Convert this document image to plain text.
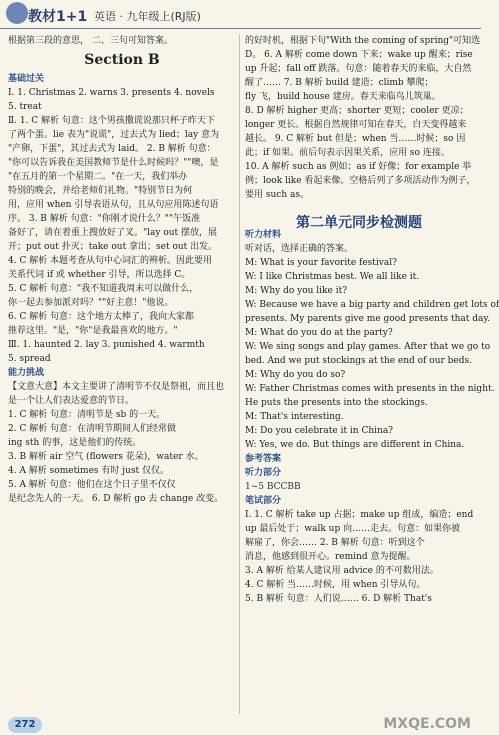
教材1+1 英语 · 九年级上(RJ版)
根据第三段的意思， 二、三句可知答案。
Section B
基础过关
Ⅰ. 1. Christmas 2. warns 3. presents 4. novels
5. treat
Ⅱ. 1. C 解析 句意：这个男孩撒谎说那只杯子昨天下
了两个蛋。lie 表为"说谎"，过去式为 lied；lay 意为
"产卵，下蛋"，其过去式为 laid。 2. B 解析 句意：
"你可以告诉我在美国教师节是什么时候吗？""噢，是
"在五月的第一个星期二。"在一天，我们举办
特别的晚会，并给老师们礼物。"特别节日为何
用，应用 when 引导表语从句，且从句应用陈述句语
序。 3. B 解析 句意："你刚才说什么？""午饭准
备好了，请在着重上搜放好了叉。"lay out 摆放，展
开；put out 扑灭；take out 拿出；set out 出发。
4. C 解析 本题考查从句中心词汇的辨析。因此要用
关系代词 if 或 whether 引导，所以选择 C。
5. C 解析 句意："我不知道我周末可以做什么，
你一起去参加派对吗？""好主意！"他说。
6. C 解析 句意：这个地方太棒了，我向大家都
推荐这里。"是，"你"是我最喜欢的地方。"
Ⅲ. 1. haunted 2. lay 3. punished 4. warmth
5. spread
能力挑战
【文意大意】本文主要讲了清明节不仅是祭祖，而且也
是一个让人们表达爱意的节日。
1. C 解析 句意：清明节是 sb 的一天。
2. C 解析 句意：在清明节期间人们经常做
ing sth 的事，这是他们的传统。
3. B 解析 air 空气 (flowers 花朵)，water 水。
4. A 解析 sometimes 有时 just 仅仅。
5. A 解析 句意：他们在这个日子里不仅仅
是纪念先人的一天。 6. D 解析 go 去 change 改变。
的好时机，根据下句"With the coming of spring"可知选
D。 6. A 解析 come down 下来；wake up 醒来；rise
up 升起；fall off 跌落。句意：随着春天的来临，大自然
醒了…… 7. B 解析 build 建造；climb 攀爬；
fly 飞，build house 建房。春天来临鸟儿筑巢。
8. D 解析 higher 更高；shorter 更短；cooler 更凉；
longer 更长。根据自然规律可知在春天，白天变得越来
越长。 9. C 解析 but 但是；when 当……时候；so 因
此；if 如果。前后句表示因果关系，应用 so 连接。
10. A 解析 such as 例如；as if 好像；for example 举
例；look like 看起来像。空格后列了多项活动作为例子，
要用 such as。
听力材料
听对话，选择正确的答案。
M: What is your favorite festival?
W: I like Christmas best. We all like it.
M: Why do you like it?
W: Because we have a big party and children get lots of
presents. My parents give me good presents that day.
M: What do you do at the party?
W: We sing songs and play games. After that we go to
bed. And we put stockings at the end of our beds.
M: Why do you do so?
W: Father Christmas comes with presents in the night.
He puts the presents into the stockings.
M: That's interesting.
M: Do you celebrate it in China?
W: Yes, we do. But things are different in China.
参考答案
听力部分
1~5 BCCBB
笔试部分
Ⅰ. 1. C 解析 take up 占据；make up 组成，编造；end
up 最后处于；walk up 向……走去。句意：如果你被
解雇了，你会…… 2. B 解析 句意：听到这个
消息，他感到很开心。remind 意为提醒。
3. A 解析 给某人建议用 advice 的不可数用法。
4. C 解析 当……时候，用 when 引导从句。
5. B 解析 句意：人们说…… 6. D 解析 That's
第二单元同步检测题
272	MXQE.COM
